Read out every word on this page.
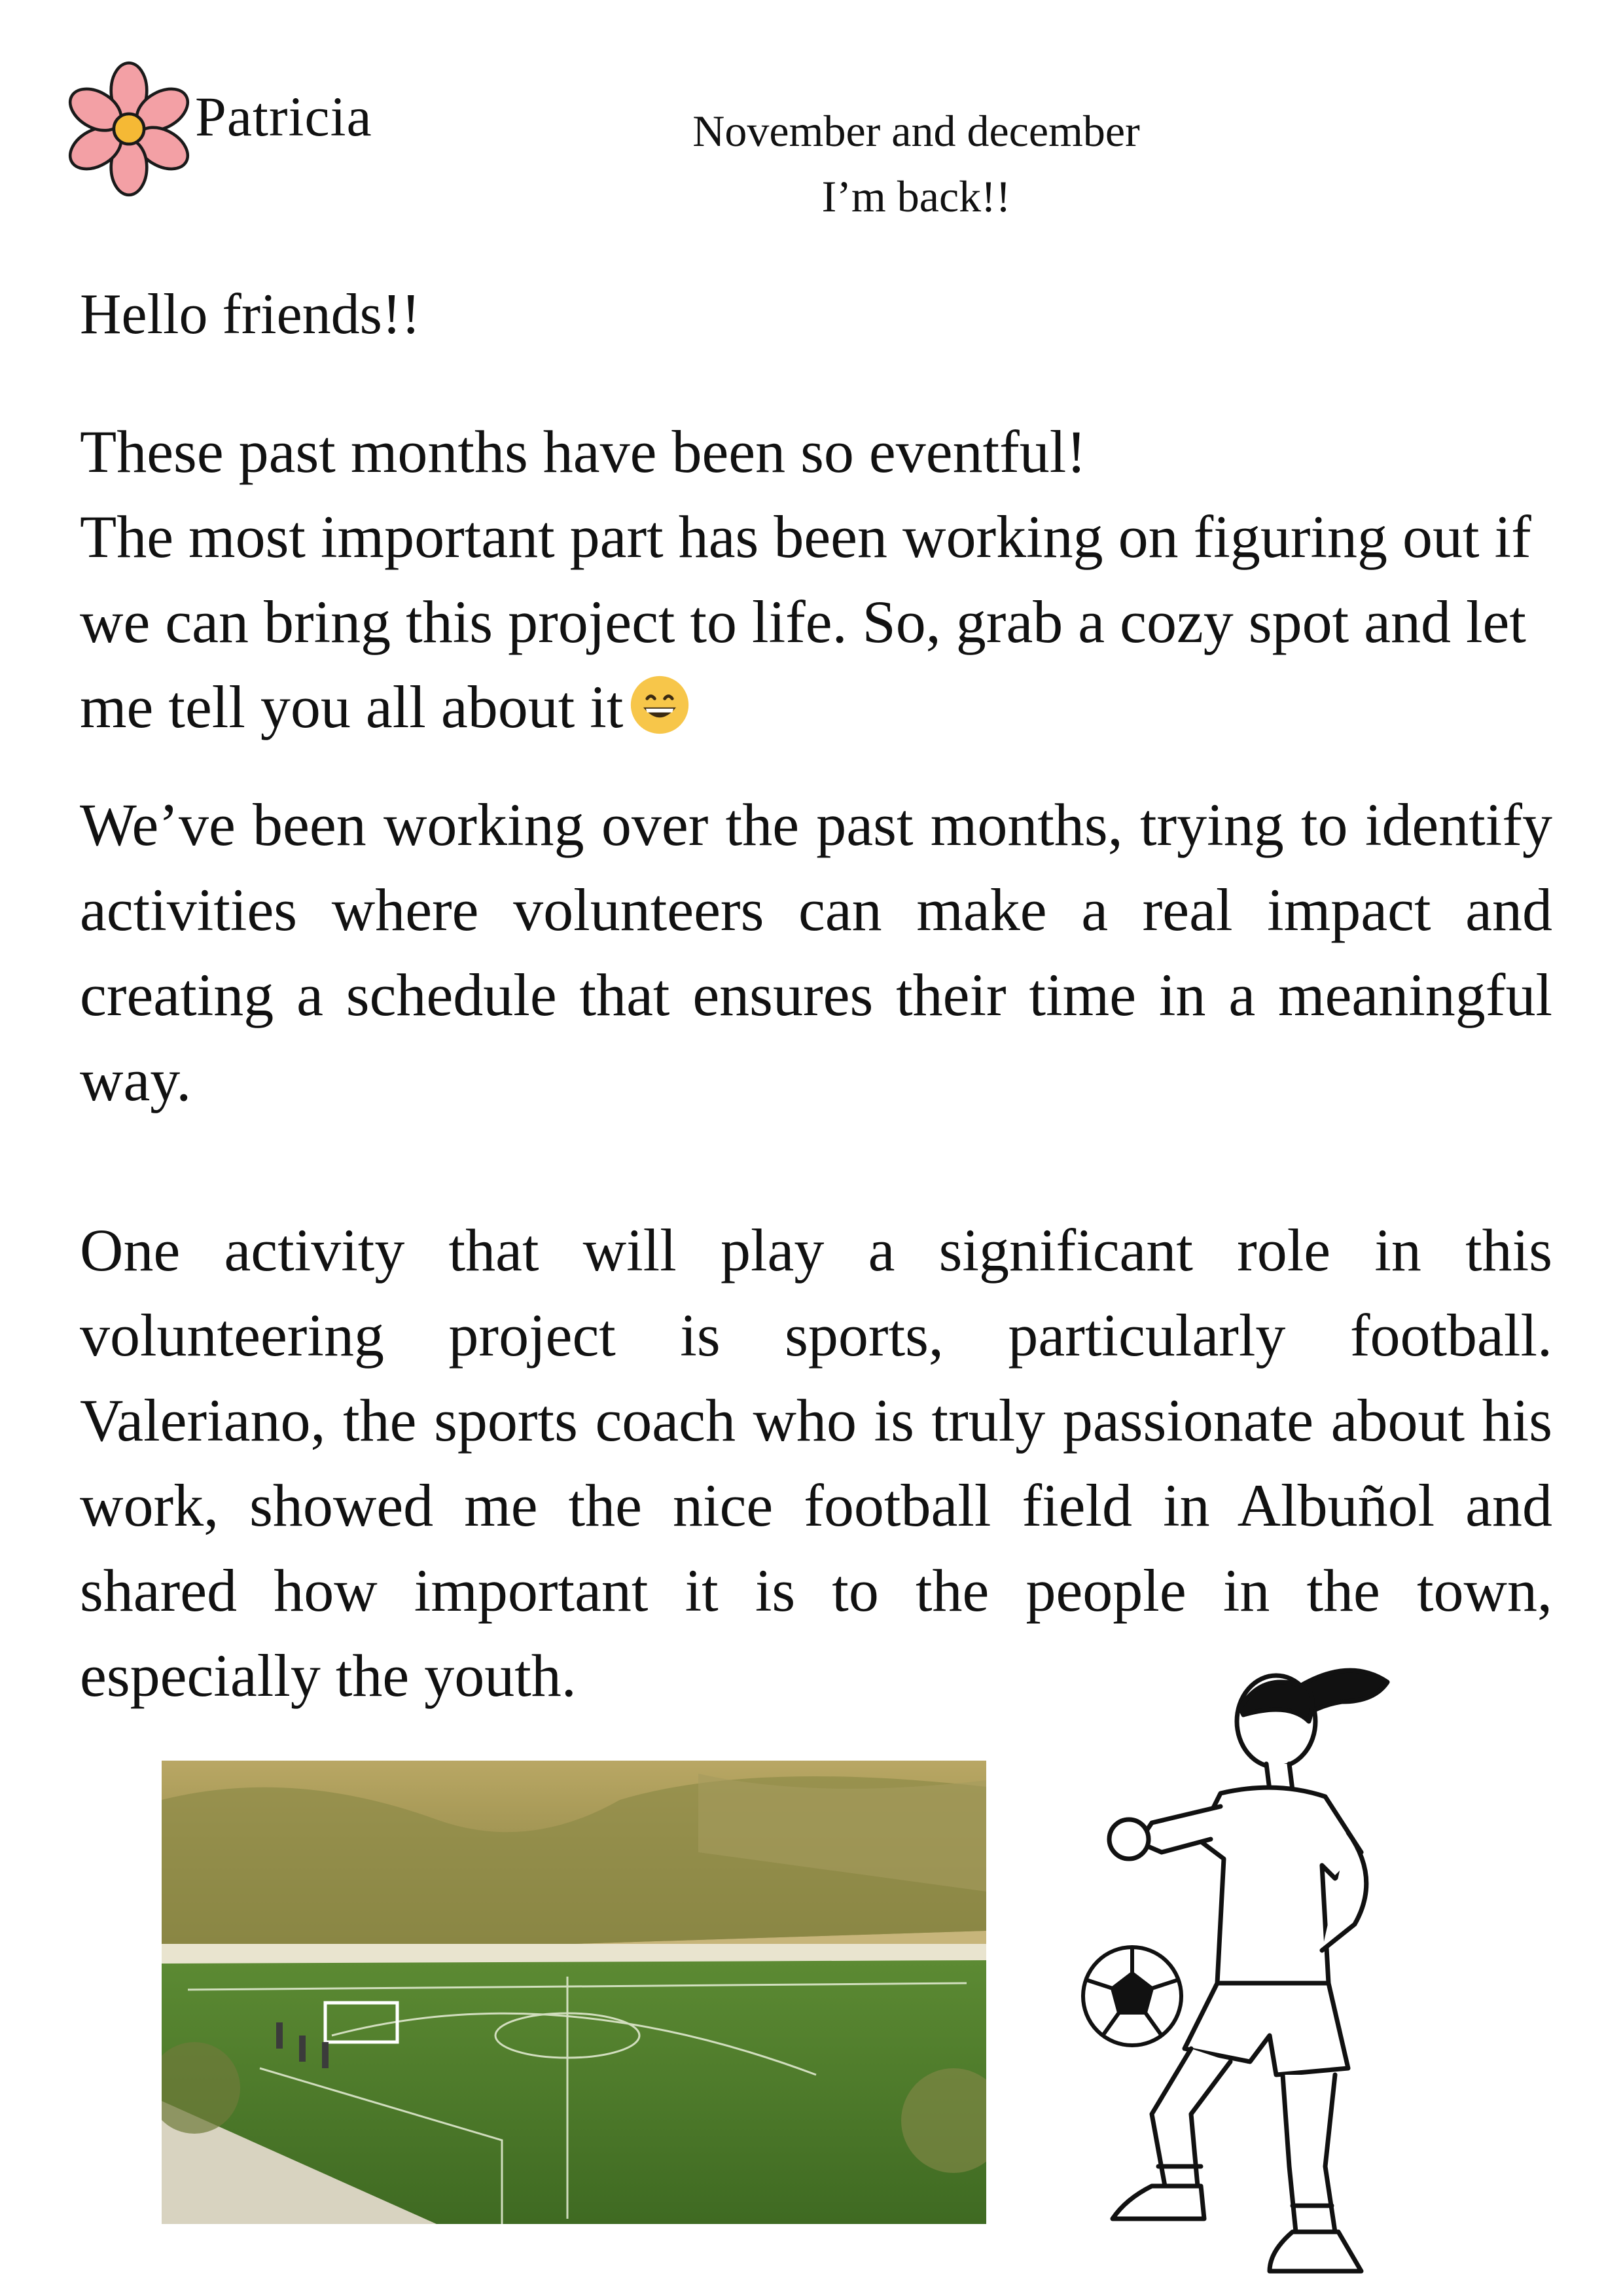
Patricia	November and december
I’m back!!
Hello friends!!

These past months have been so eventful!
The most important part has been working on figuring out if we can bring this project to life. So, grab a cozy spot and let me tell you all about it

We’ve been working over the past months, trying to identify activities where volunteers can make a real impact and creating a schedule that ensures their time in a meaningful way.

One activity that will play a significant role in this volunteering project is sports, particularly football. Valeriano, the sports coach who is truly passionate about his work, showed me the nice football field in Albuñol and shared how important it is to the people in the town, especially the youth.
